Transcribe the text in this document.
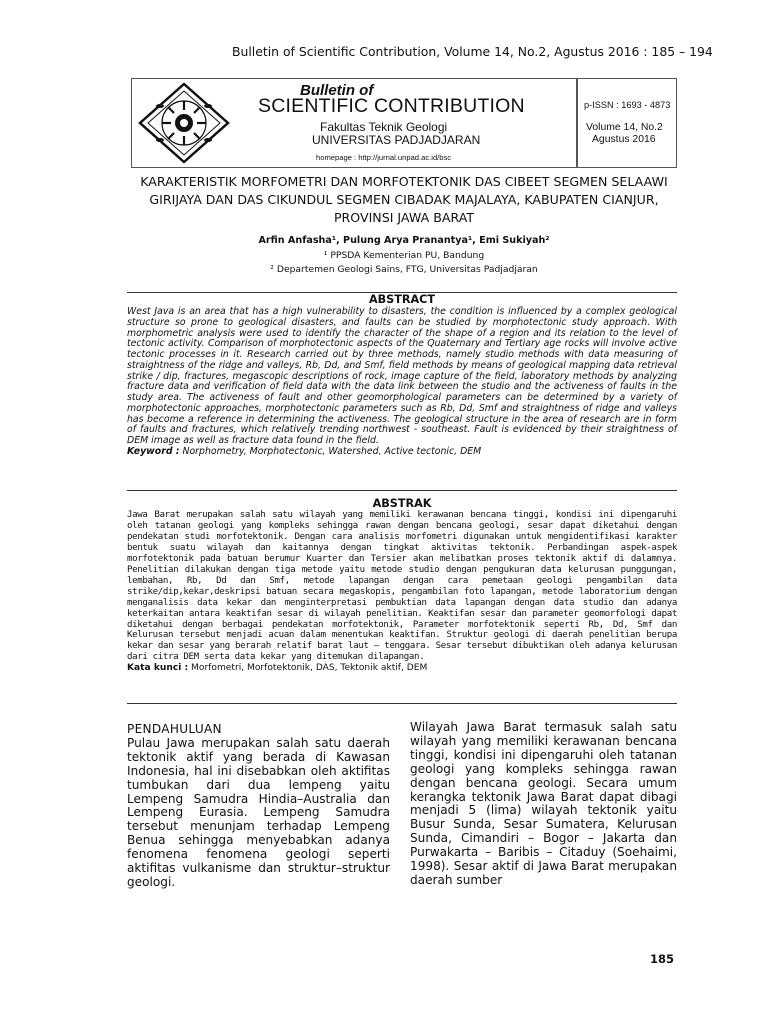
Bulletin of Scientific Contribution, Volume 14, No.2, Agustus 2016 : 185 – 194
Bulletin of
SCIENTIFIC CONTRIBUTION
Fakultas Teknik Geologi
UNIVERSITAS PADJADJARAN
homepage : http://jurnal.unpad.ac.id/bsc
p-ISSN : 1693 - 4873
Volume 14, No.2
Agustus 2016
KARAKTERISTIK MORFOMETRI DAN MORFOTEKTONIK DAS CIBEET SEGMEN SELAAWI
GIRIJAYA DAN DAS CIKUNDUL SEGMEN CIBADAK MAJALAYA, KABUPATEN CIANJUR,
PROVINSI JAWA BARAT
Arfin Anfasha¹, Pulung Arya Pranantya¹, Emi Sukiyah²
¹ PPSDA Kementerian PU, Bandung
² Departemen Geologi Sains, FTG, Universitas Padjadjaran
ABSTRACT

West Java is an area that has a high vulnerability to disasters, the condition is influenced by a complex geological structure so prone to geological disasters, and faults can be studied by morphotectonic study approach. With morphometric analysis were used to identify the character of the shape of a region and its relation to the level of tectonic activity. Comparison of morphotectonic aspects of the Quaternary and Tertiary age rocks will involve active tectonic processes in it. Research carried out by three methods, namely studio methods with data measuring of straightness of the ridge and valleys, Rb, Dd, and Smf, field methods by means of geological mapping data retrieval strike / dip, fractures, megascopic descriptions of rock, image capture of the field, laboratory methods by analyzing fracture data and verification of field data with the data link between the studio and the activeness of faults in the study area. The activeness of fault and other geomorphological parameters can be determined by a variety of morphotectonic approaches, morphotectonic parameters such as Rb, Dd, Smf and straightness of ridge and valleys has become a reference in determining the activeness. The geological structure in the area of research are in form of faults and fractures, which relatively trending northwest - southeast. Fault is evidenced by their straightness of DEM image as well as fracture data found in the field.

Keyword : Norphometry, Morphotectonic, Watershed, Active tectonic, DEM

ABSTRAK

Jawa Barat merupakan salah satu wilayah yang memiliki kerawanan bencana tinggi, kondisi ini dipengaruhi oleh tatanan geologi yang kompleks sehingga rawan dengan bencana geologi, sesar dapat diketahui dengan pendekatan studi morfotektonik. Dengan cara analisis morfometri digunakan untuk mengidentifikasi karakter bentuk suatu wilayah dan kaitannya dengan tingkat aktivitas tektonik. Perbandingan aspek-aspek morfotektonik pada batuan berumur Kuarter dan Tersier akan melibatkan proses tektonik aktif di dalamnya. Penelitian dilakukan dengan tiga metode yaitu metode studio dengan pengukuran data kelurusan punggungan, lembahan, Rb, Dd dan Smf, metode lapangan dengan cara pemetaan geologi pengambilan data strike/dip,kekar,deskripsi batuan secara megaskopis, pengambilan foto lapangan, metode laboratorium dengan menganalisis data kekar dan menginterpretasi pembuktian data lapangan dengan data studio dan adanya keterkaitan antara keaktifan sesar di wilayah penelitian. Keaktifan sesar dan parameter geomorfologi dapat diketahui dengan berbagai pendekatan morfotektonik, Parameter morfotektonik seperti Rb, Dd, Smf dan Kelurusan tersebut menjadi acuan dalam menentukan keaktifan. Struktur geologi di daerah penelitian berupa kekar dan sesar yang berarah relatif barat laut – tenggara. Sesar tersebut dibuktikan oleh adanya kelurusan dari citra DEM serta data kekar yang ditemukan dilapangan.

Kata kunci : Morfometri, Morfotektonik, DAS, Tektonik aktif, DEM

PENDAHULUAN

Pulau Jawa merupakan salah satu daerah tektonik aktif yang berada di Kawasan Indonesia, hal ini disebabkan oleh aktifitas tumbukan dari dua lempeng yaitu Lempeng Samudra Hindia–Australia dan Lempeng Eurasia. Lempeng Samudra tersebut menunjam terhadap Lempeng Benua sehingga menyebabkan adanya fenomena fenomena geologi seperti aktifitas vulkanisme dan struktur–struktur geologi.

Wilayah Jawa Barat termasuk salah satu wilayah yang memiliki kerawanan bencana tinggi, kondisi ini dipengaruhi oleh tatanan geologi yang kompleks sehingga rawan dengan bencana geologi. Secara umum kerangka tektonik Jawa Barat dapat dibagi menjadi 5 (lima) wilayah tektonik yaitu Busur Sunda, Sesar Sumatera, Kelurusan Sunda, Cimandiri – Bogor – Jakarta dan Purwakarta – Baribis – Citaduy (Soehaimi, 1998). Sesar aktif di Jawa Barat merupakan daerah sumber

185
